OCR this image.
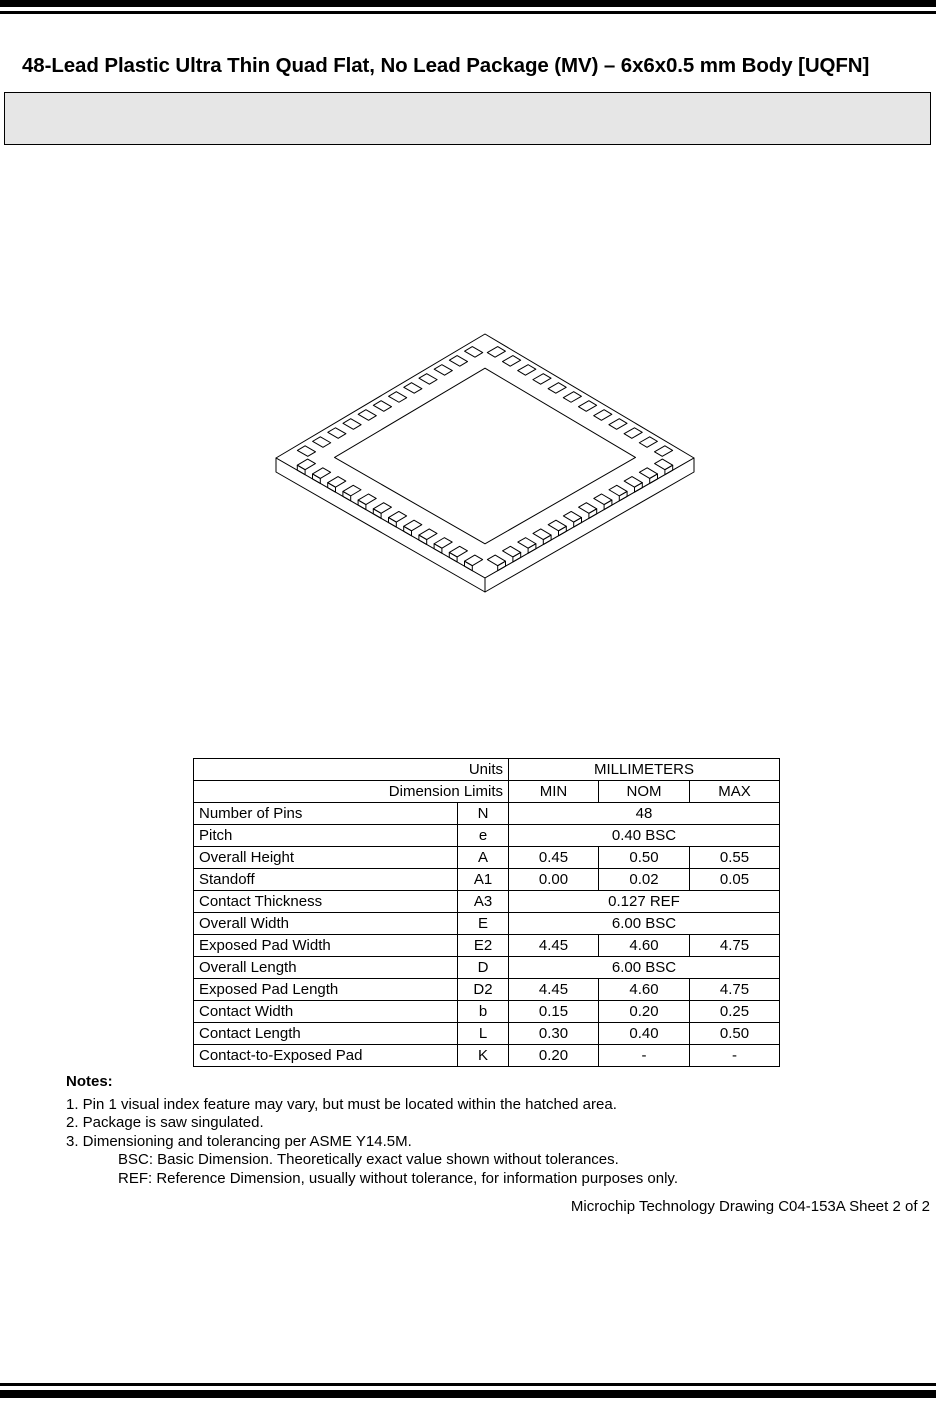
48-Lead Plastic Ultra Thin Quad Flat, No Lead Package (MV) – 6x6x0.5 mm Body [UQFN]
Units		MILLIMETERS		
Dimension Limits		MIN	NOM	MAX
Number of Pins	N	48		
Pitch	e	0.40 BSC		
Overall Height	A	0.45	0.50	0.55
Standoff	A1	0.00	0.02	0.05
Contact Thickness	A3	0.127 REF		
Overall Width	E	6.00 BSC		
Exposed Pad Width	E2	4.45	4.60	4.75
Overall Length	D	6.00 BSC		
Exposed Pad Length	D2	4.45	4.60	4.75
Contact Width	b	0.15	0.20	0.25
Contact Length	L	0.30	0.40	0.50
Contact-to-Exposed Pad	K	0.20	-	-
Notes:
1. Pin 1 visual index feature may vary, but must be located within the hatched area.
2. Package is saw singulated.
3. Dimensioning and tolerancing per ASME Y14.5M.
BSC: Basic Dimension. Theoretically exact value shown without tolerances.
REF: Reference Dimension, usually without tolerance, for information purposes only.
Microchip Technology Drawing C04-153A Sheet 2 of 2
